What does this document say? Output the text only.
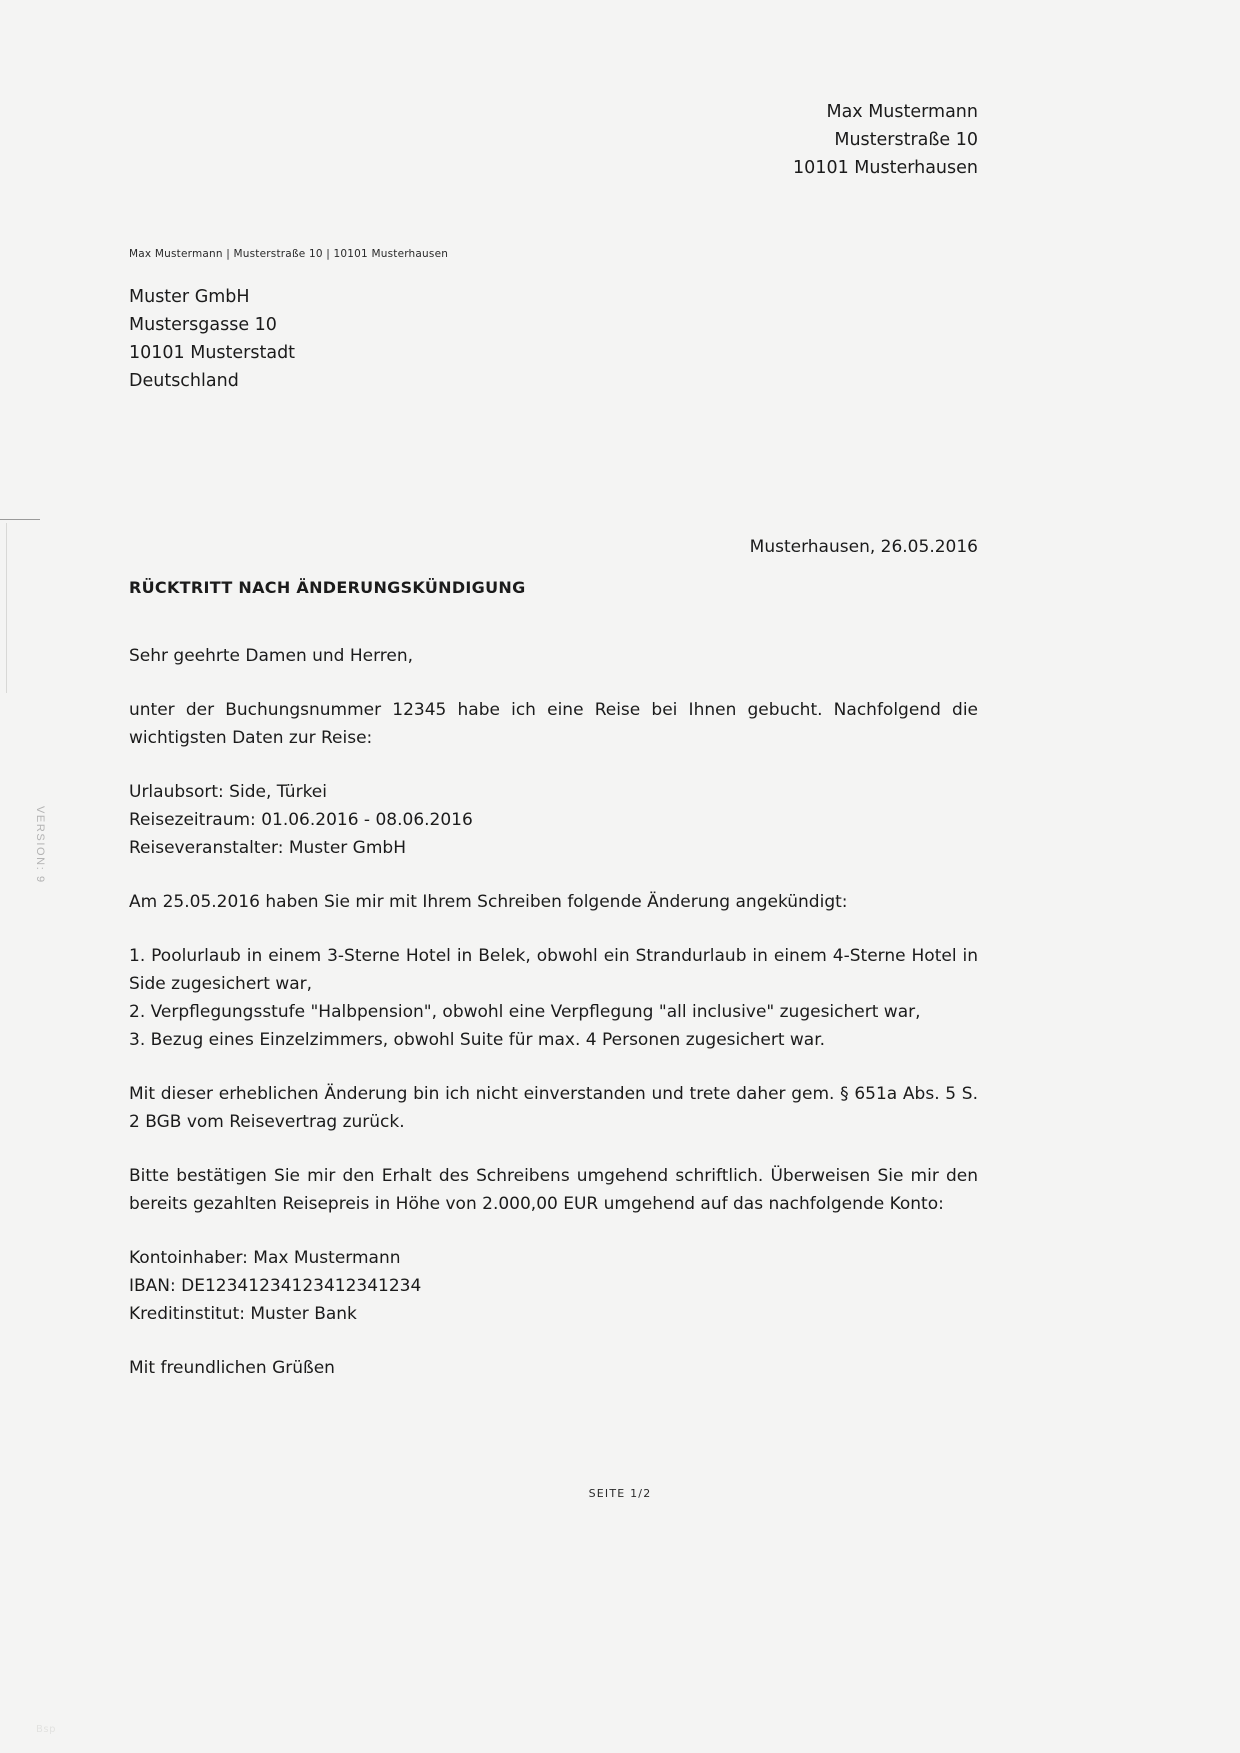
VERSION: 9
Max Mustermann
Musterstraße 10
10101 Musterhausen
Max Mustermann | Musterstraße 10 | 10101 Musterhausen
Muster GmbH
Mustersgasse 10
10101 Musterstadt
Deutschland
Musterhausen, 26.05.2016
RÜCKTRITT NACH ÄNDERUNGSKÜNDIGUNG

Sehr geehrte Damen und Herren,

unter der Buchungsnummer 12345 habe ich eine Reise bei Ihnen gebucht. Nachfolgend die wichtigsten Daten zur Reise:

Urlaubsort: Side, Türkei
Reisezeitraum: 01.06.2016 - 08.06.2016
Reiseveranstalter: Muster GmbH

Am 25.05.2016 haben Sie mir mit Ihrem Schreiben folgende Änderung angekündigt:

1. Poolurlaub in einem 3-Sterne Hotel in Belek, obwohl ein Strandurlaub in einem 4-Sterne Hotel in Side zugesichert war,

2. Verpflegungsstufe "Halbpension", obwohl eine Verpflegung "all inclusive" zugesichert war,

3. Bezug eines Einzelzimmers, obwohl Suite für max. 4 Personen zugesichert war.

Mit dieser erheblichen Änderung bin ich nicht einverstanden und trete daher gem. § 651a Abs. 5 S. 2 BGB vom Reisevertrag zurück.

Bitte bestätigen Sie mir den Erhalt des Schreibens umgehend schriftlich. Überweisen Sie mir den bereits gezahlten Reisepreis in Höhe von 2.000,00 EUR umgehend auf das nachfolgende Konto:

Kontoinhaber: Max Mustermann
IBAN: DE12341234123412341234
Kreditinstitut: Muster Bank

Mit freundlichen Grüßen

SEITE 1/2
Bsp
